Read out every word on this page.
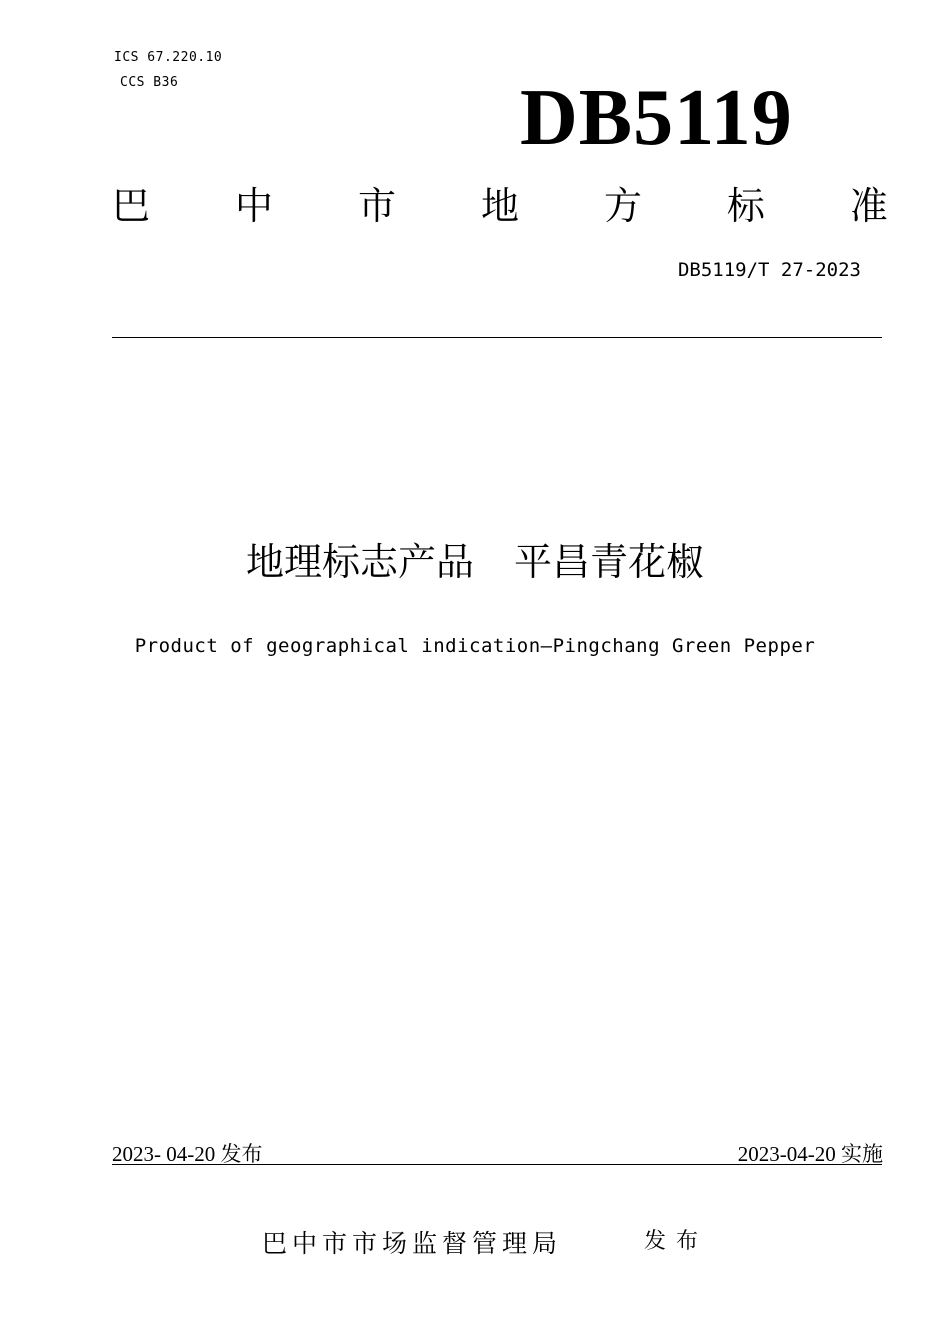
ICS 67.220.10
CCS B36	DB5119
巴 中 市 地 方 标 准
DB5119/T 27-2023
地理标志产品 平昌青花椒
Product of geographical indication—Pingchang Green Pepper
2023- 04-20 发布	2023-04-20 实施
巴中市市场监督管理局	发布
